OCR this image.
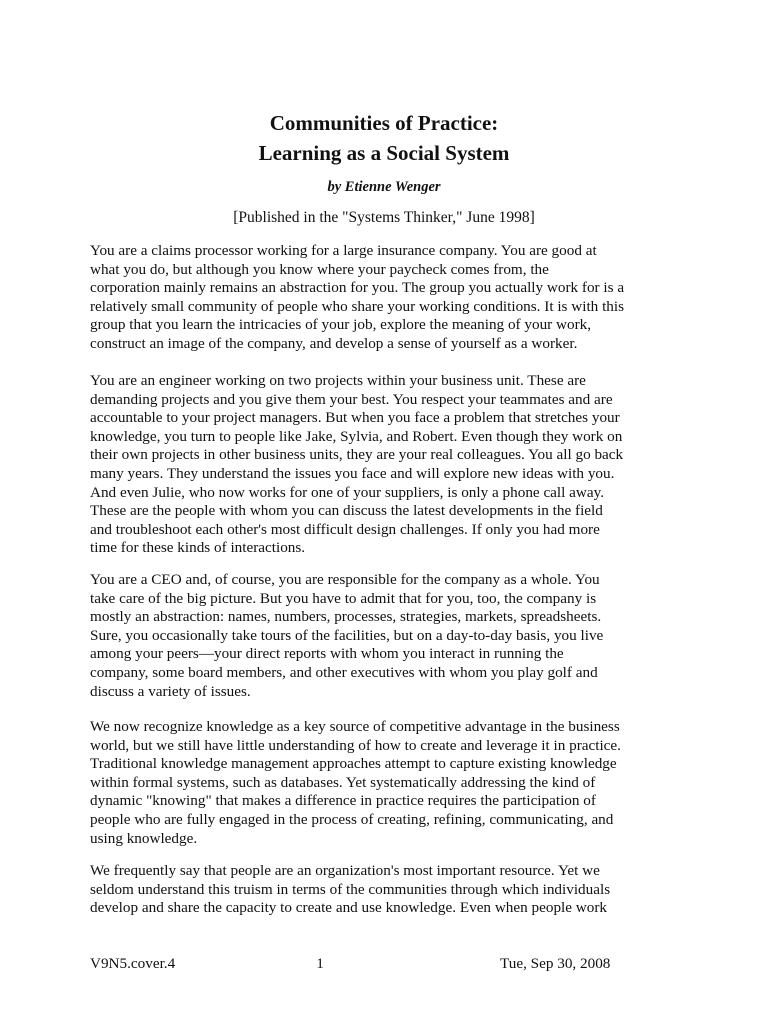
Communities of Practice:
Learning as a Social System
by Etienne Wenger
[Published in the "Systems Thinker," June 1998]
You are a claims processor working for a large insurance company. You are good at
what you do, but although you know where your paycheck comes from, the
corporation mainly remains an abstraction for you. The group you actually work for is a
relatively small community of people who share your working conditions. It is with this
group that you learn the intricacies of your job, explore the meaning of your work,
construct an image of the company, and develop a sense of yourself as a worker.
You are an engineer working on two projects within your business unit. These are
demanding projects and you give them your best. You respect your teammates and are
accountable to your project managers. But when you face a problem that stretches your
knowledge, you turn to people like Jake, Sylvia, and Robert. Even though they work on
their own projects in other business units, they are your real colleagues. You all go back
many years. They understand the issues you face and will explore new ideas with you.
And even Julie, who now works for one of your suppliers, is only a phone call away.
These are the people with whom you can discuss the latest developments in the field
and troubleshoot each other's most difficult design challenges. If only you had more
time for these kinds of interactions.
You are a CEO and, of course, you are responsible for the company as a whole. You
take care of the big picture. But you have to admit that for you, too, the company is
mostly an abstraction: names, numbers, processes, strategies, markets, spreadsheets.
Sure, you occasionally take tours of the facilities, but on a day-to-day basis, you live
among your peers—your direct reports with whom you interact in running the
company, some board members, and other executives with whom you play golf and
discuss a variety of issues.
We now recognize knowledge as a key source of competitive advantage in the business
world, but we still have little understanding of how to create and leverage it in practice.
Traditional knowledge management approaches attempt to capture existing knowledge
within formal systems, such as databases. Yet systematically addressing the kind of
dynamic "knowing" that makes a difference in practice requires the participation of
people who are fully engaged in the process of creating, refining, communicating, and
using knowledge.
We frequently say that people are an organization's most important resource. Yet we
seldom understand this truism in terms of the communities through which individuals
develop and share the capacity to create and use knowledge. Even when people work
V9N5.cover.4	1	Tue, Sep 30, 2008
